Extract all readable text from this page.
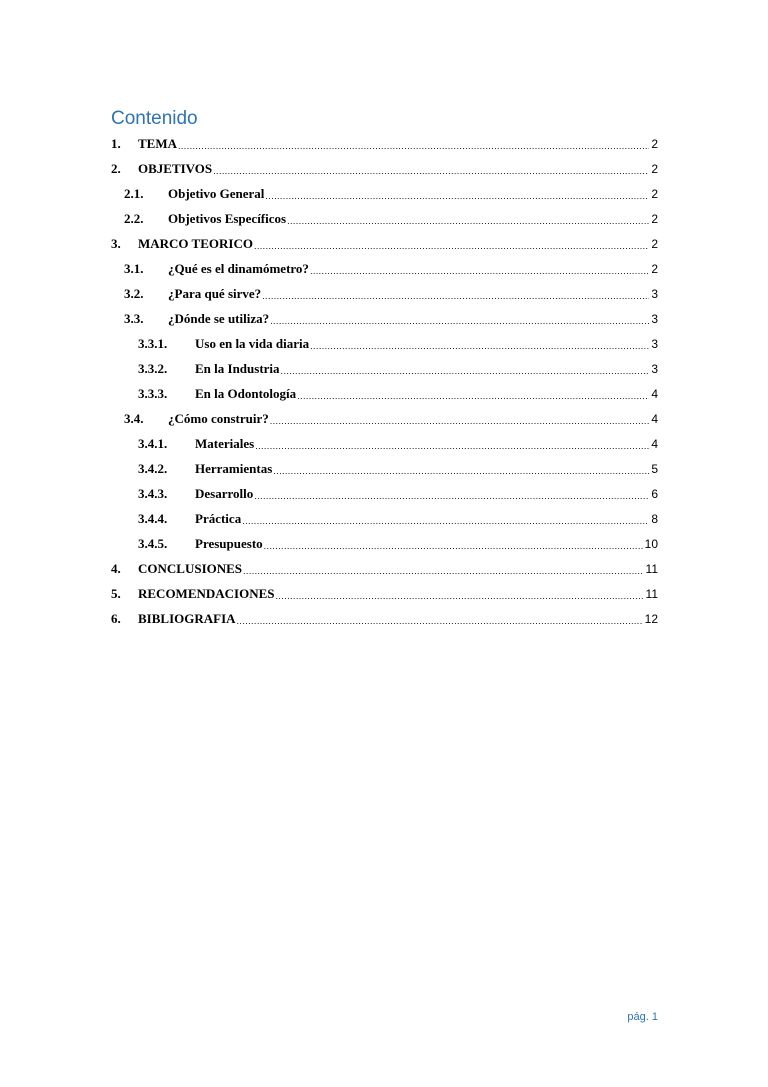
Contenido
1.	TEMA .....	2
2.	OBJETIVOS .....	2
2.1.	Objetivo General .....	2
2.2.	Objetivos Específicos .....	2
3.	MARCO TEORICO .....	2
3.1.	¿Qué es el dinamómetro? .....	2
3.2.	¿Para qué sirve? .....	3
3.3.	¿Dónde se utiliza? .....	3
3.3.1.	Uso en la vida diaria .....	3
3.3.2.	En la Industria .....	3
3.3.3.	En la Odontología .....	4
3.4.	¿Cómo construir? .....	4
3.4.1.	Materiales .....	4
3.4.2.	Herramientas .....	5
3.4.3.	Desarrollo .....	6
3.4.4.	Práctica .....	8
3.4.5.	Presupuesto .....	10
4.	CONCLUSIONES .....	11
5.	RECOMENDACIONES .....	11
6.	BIBLIOGRAFIA .....	12
pág. 1
